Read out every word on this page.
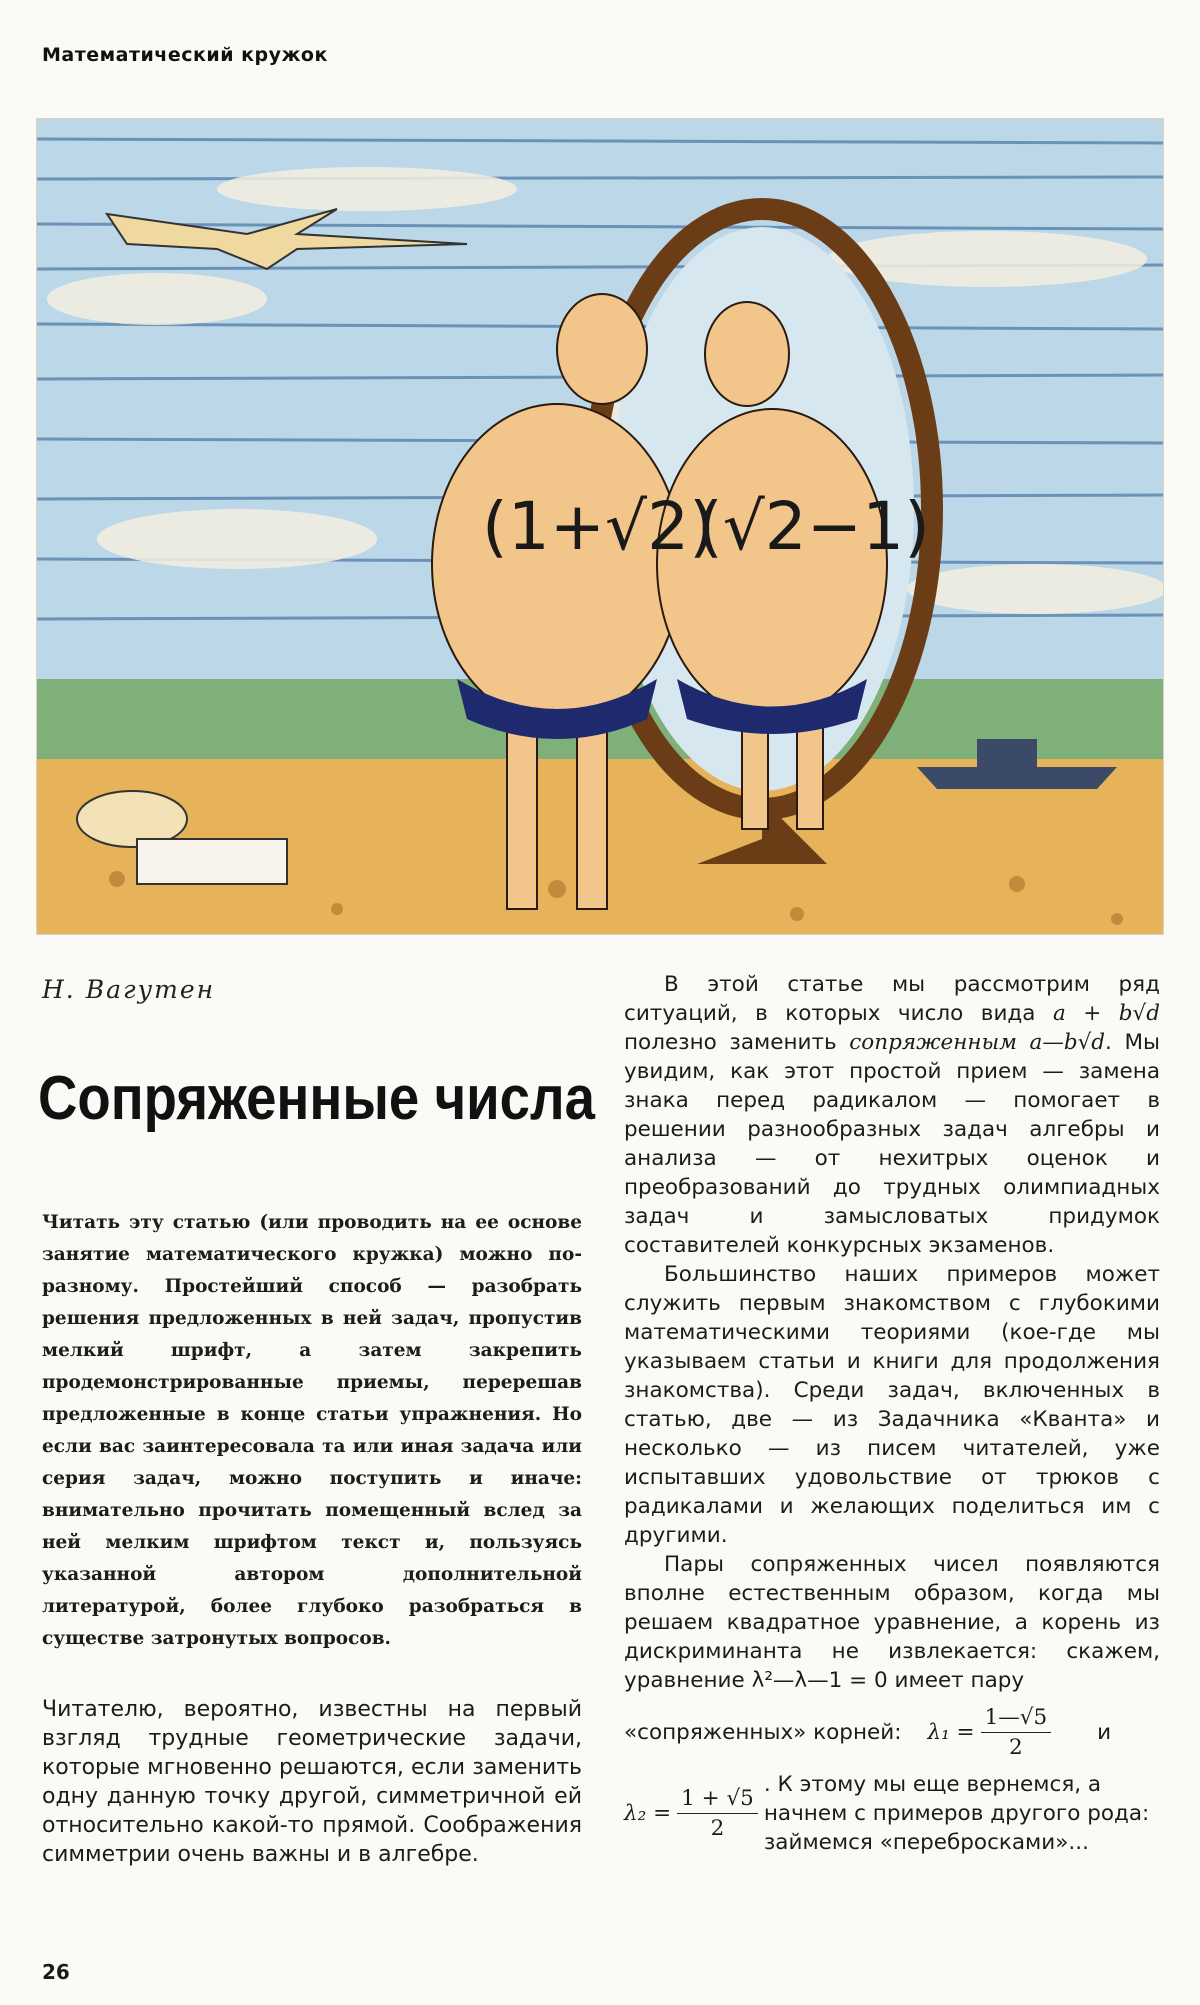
Математический кружок
(1+√2)
(√2−1)
Н. Вагутен
Сопряженные числа
Читать эту статью (или проводить на ее основе занятие математического кружка) можно по-разному. Простейший способ — разобрать решения предложенных в ней задач, пропустив мелкий шрифт, а затем закрепить продемонстрированные приемы, перерешав предложенные в конце статьи упражнения. Но если вас заинтересовала та или иная задача или серия задач, можно поступить и иначе: внимательно прочитать помещенный вслед за ней мелким шрифтом текст и, пользуясь указанной автором дополнительной литературой, более глубоко разобраться в существе затронутых вопросов.
Читателю, вероятно, известны на первый взгляд трудные геометрические задачи, которые мгновенно решаются, если заменить одну данную точку другой, симметричной ей относительно какой-то прямой. Соображения симметрии очень важны и в алгебре.

В этой статье мы рассмотрим ряд ситуаций, в которых число вида a + b√d полезно заменить сопряженным a—b√d. Мы увидим, как этот простой прием — замена знака перед радикалом — помогает в решении разнообразных задач алгебры и анализа — от нехитрых оценок и преобразований до трудных олимпиадных задач и замысловатых придумок составителей конкурсных экзаменов.

Большинство наших примеров может служить первым знакомством с глубокими математическими теориями (кое-где мы указываем статьи и книги для продолжения знакомства). Среди задач, включенных в статью, две — из Задачника «Кванта» и несколько — из писем читателей, уже испытавших удовольствие от трюков с радикалами и желающих поделиться им с другими.

Пары сопряженных чисел появляются вполне естественным образом, когда мы решаем квадратное уравнение, а корень из дискриминанта не извлекается: скажем, уравнение λ²—λ—1 = 0 имеет пару

«сопряженных» корней: $\lambda_1 = \frac{1—√5}{2}$ и
$\lambda_2 = \frac{1 + √5}{2}$ . К этому мы еще вернемся, а начнем с примеров другого рода: займемся «перебросками»...
26
